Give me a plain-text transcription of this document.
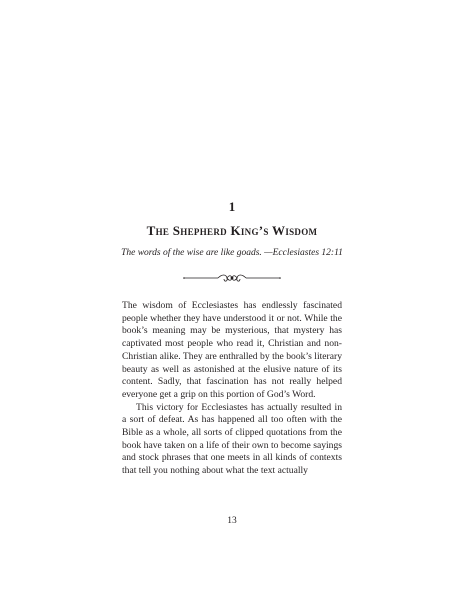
1
The Shepherd King’s Wisdom

The words of the wise are like goads. —Ecclesiastes 12:11

The wisdom of Ecclesiastes has endlessly fascinated people whether they have understood it or not. While the book’s meaning may be mysterious, that mystery has captivated most people who read it, Christian and non-Christian alike. They are enthralled by the book’s literary beauty as well as astonished at the elusive nature of its content. Sadly, that fascination has not really helped everyone get a grip on this portion of God’s Word.

This victory for Ecclesiastes has actually resulted in a sort of defeat. As has happened all too often with the Bible as a whole, all sorts of clipped quotations from the book have taken on a life of their own to become sayings and stock phrases that one meets in all kinds of contexts that tell you nothing about what the text actually

13
